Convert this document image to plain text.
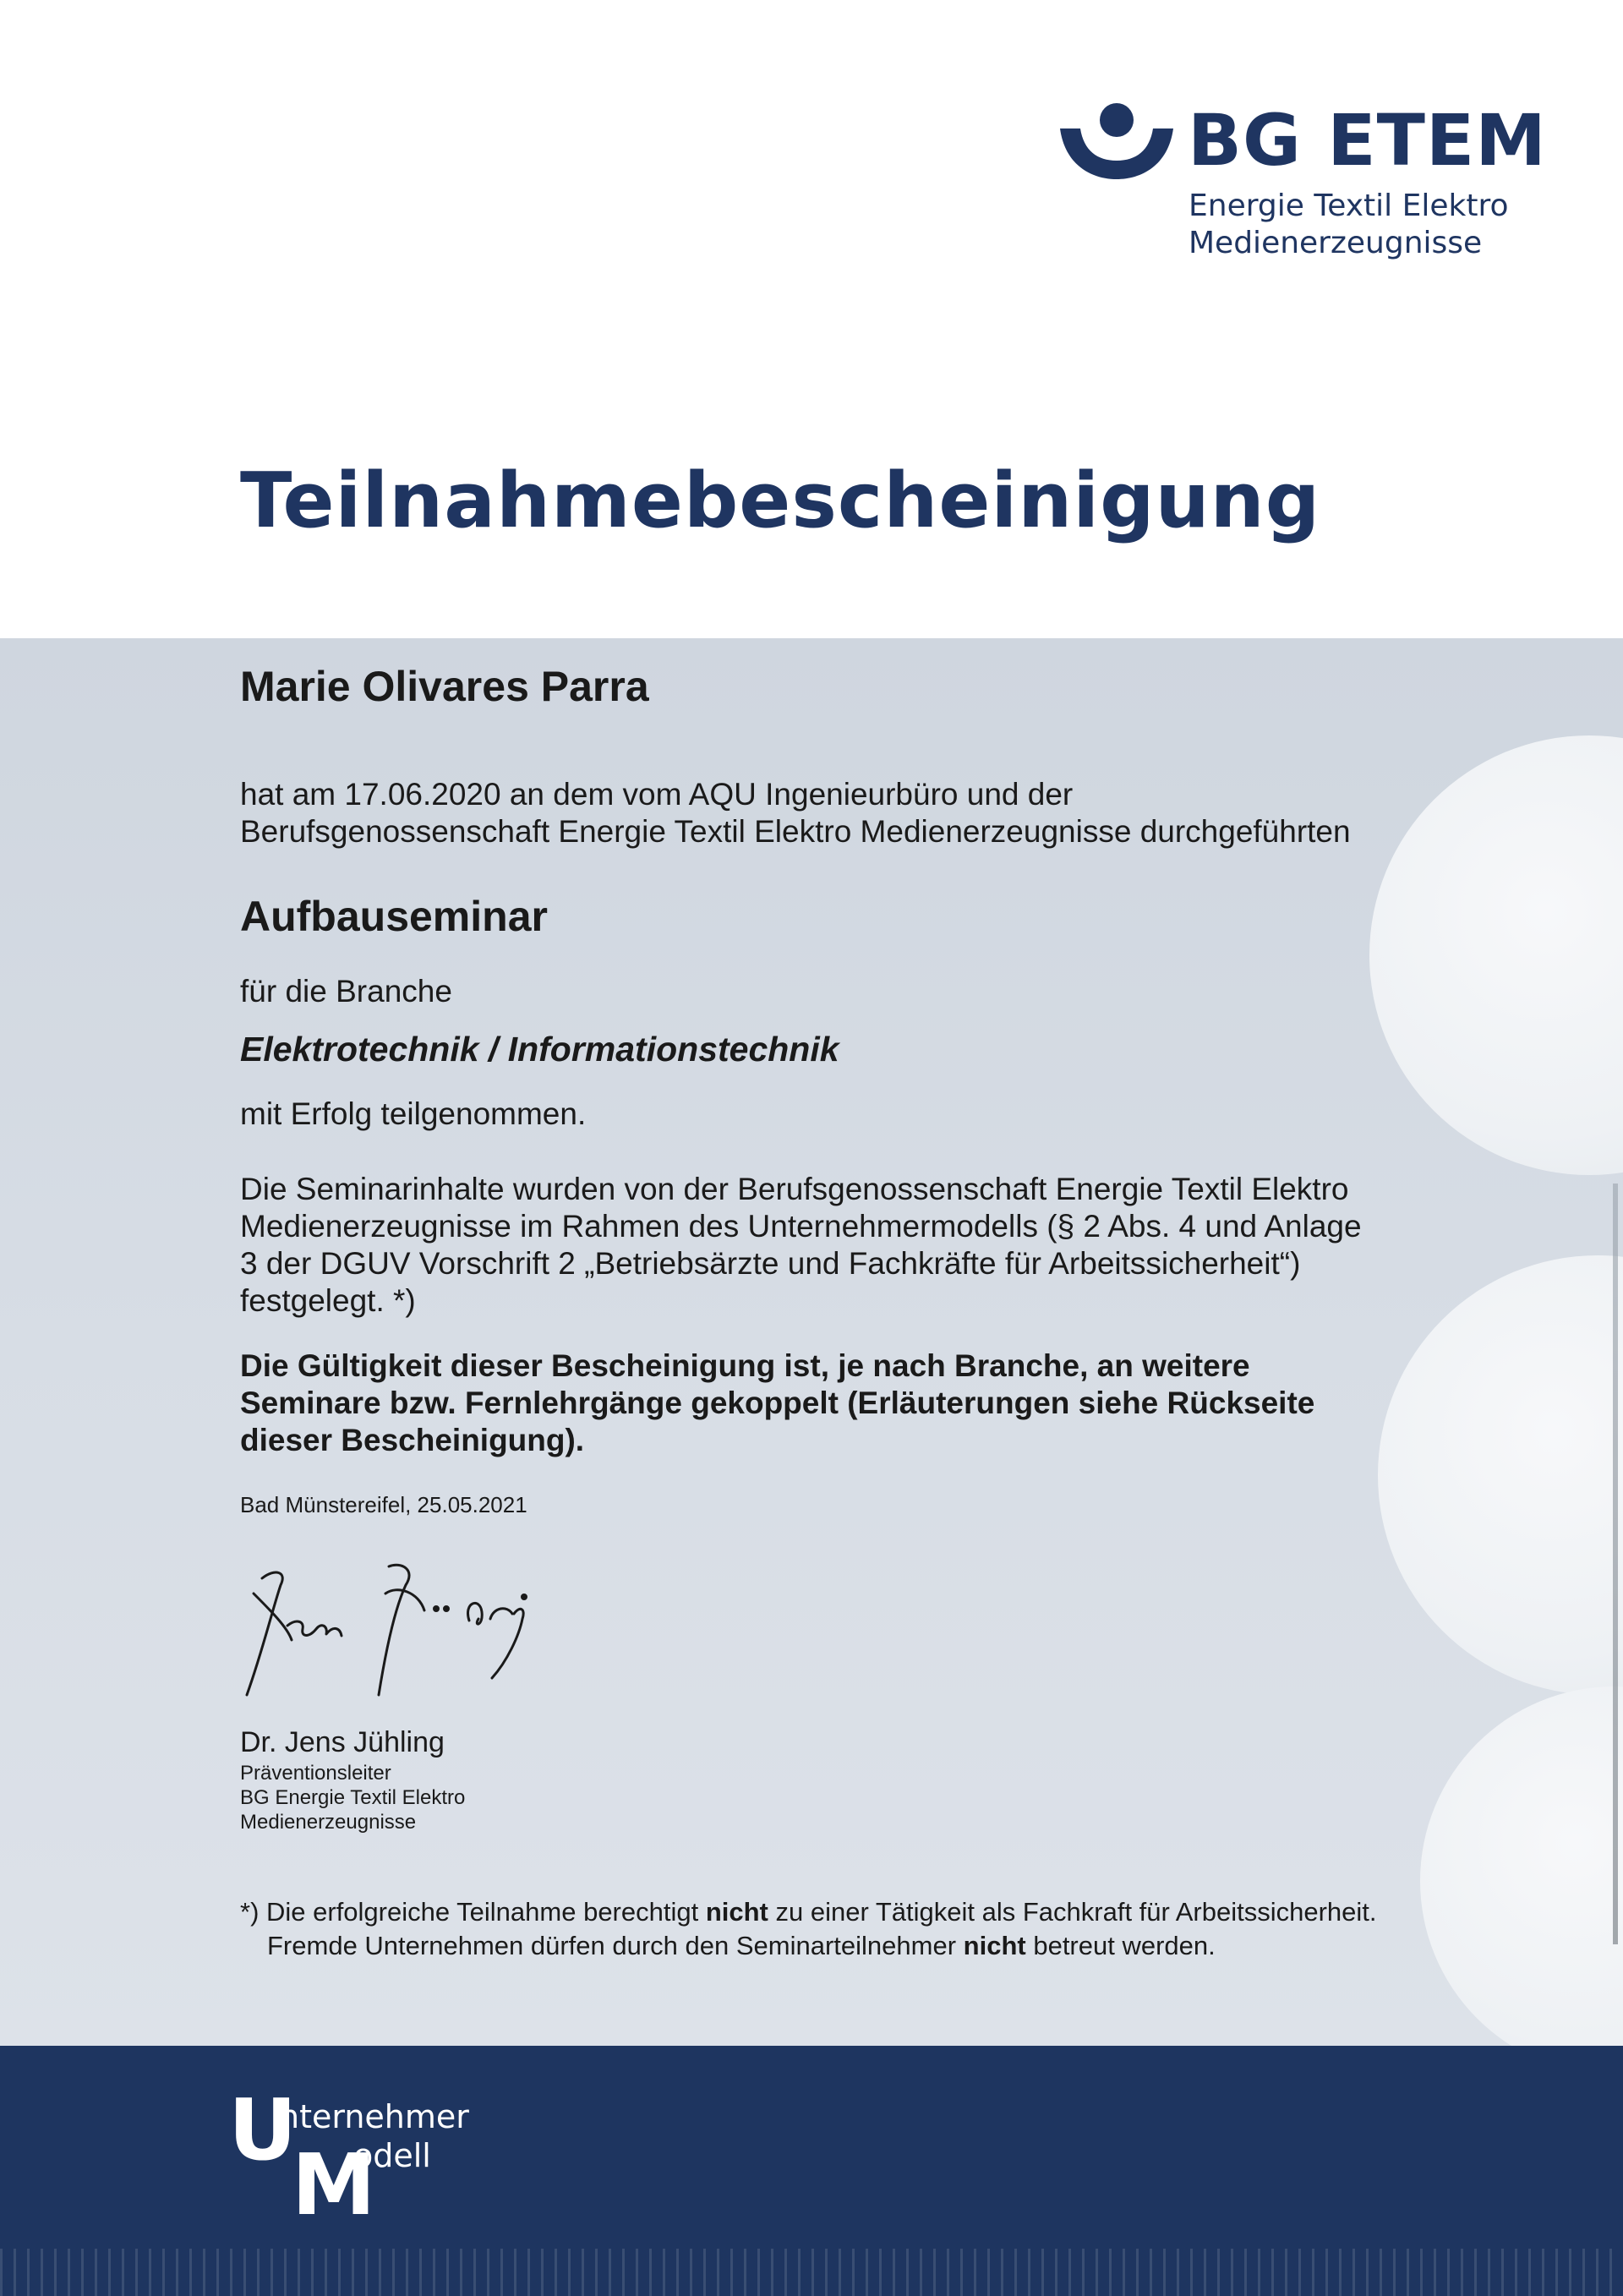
BG ETEM
Energie Textil Elektro
Medienerzeugnisse
Teilnahmebescheinigung
Marie Olivares Parra
hat am 17.06.2020 an dem vom AQU Ingenieurbüro und der
Berufsgenossenschaft Energie Textil Elektro Medienerzeugnisse durchgeführten
Aufbauseminar
für die Branche
Elektrotechnik / Informationstechnik
mit Erfolg teilgenommen.
Die Seminarinhalte wurden von der Berufsgenossenschaft Energie Textil Elektro
Medienerzeugnisse im Rahmen des Unternehmermodells (§ 2 Abs. 4 und Anlage
3 der DGUV Vorschrift 2 „Betriebsärzte und Fachkräfte für Arbeitssicherheit“)
festgelegt. *)
Die Gültigkeit dieser Bescheinigung ist, je nach Branche, an weitere
Seminare bzw. Fernlehrgänge gekoppelt (Erläuterungen siehe Rückseite
dieser Bescheinigung).
Bad Münstereifel, 25.05.2021
Dr. Jens Jühling
Präventionsleiter
BG Energie Textil Elektro
Medienerzeugnisse
*) Die erfolgreiche Teilnahme berechtigt nicht zu einer Tätigkeit als Fachkraft für Arbeitssicherheit.
Fremde Unternehmen dürfen durch den Seminarteilnehmer nicht betreut werden.
U
M
nternehmer
odell
